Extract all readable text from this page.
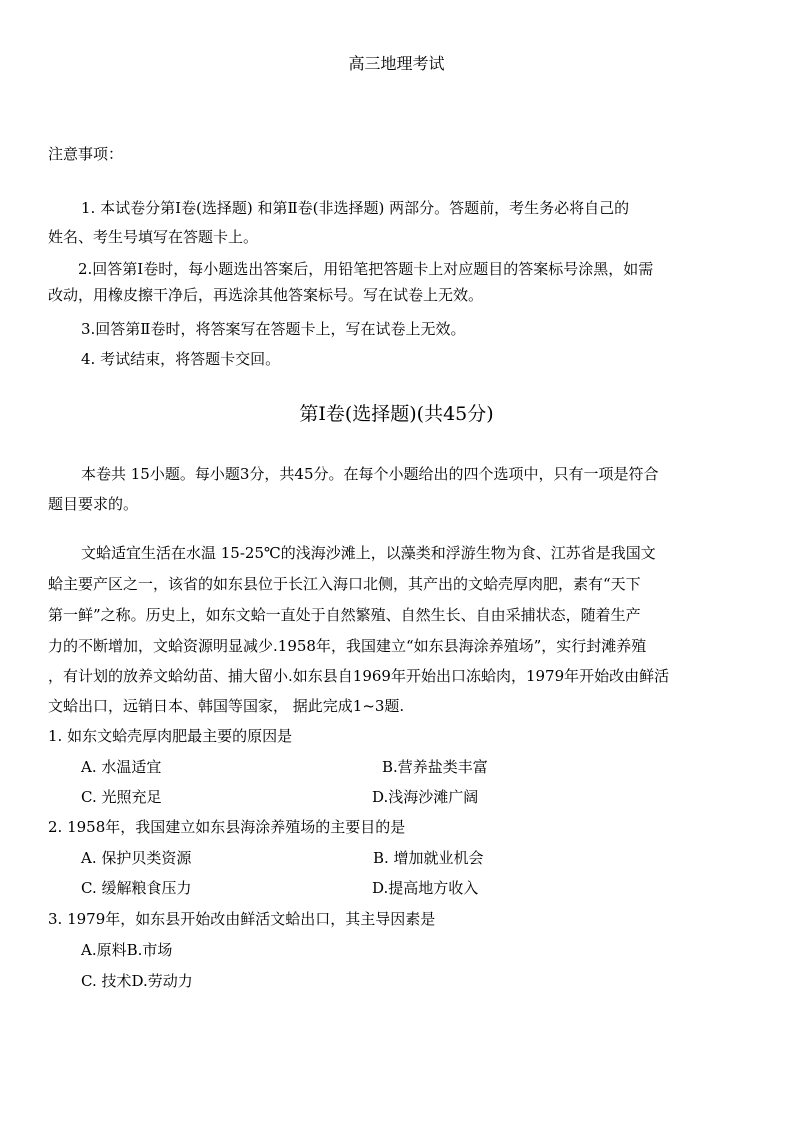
高三地理考试
注意事项：
1. 本试卷分第Ⅰ卷(选择题) 和第Ⅱ卷(非选择题) 两部分。答题前，考生务必将自己的
姓名、考生号填写在答题卡上。
2.回答第Ⅰ卷时，每小题选出答案后，用铅笔把答题卡上对应题目的答案标号涂黑，如需
改动，用橡皮擦干净后，再选涂其他答案标号。写在试卷上无效。
3.回答第Ⅱ卷时，将答案写在答题卡上，写在试卷上无效。
4. 考试结束，将答题卡交回。
第Ⅰ卷(选择题)(共45分)
本卷共 15小题。每小题3分，共45分。在每个小题给出的四个选项中，只有一项是符合
题目要求的。
文蛤适宜生活在水温 15-25℃的浅海沙滩上，以藻类和浮游生物为食、江苏省是我国文
蛤主要产区之一，该省的如东县位于长江入海口北侧，其产出的文蛤壳厚肉肥，素有“天下
第一鲜”之称。历史上，如东文蛤一直处于自然繁殖、自然生长、自由采捕状态，随着生产
力的不断增加，文蛤资源明显减少.1958年，我国建立“如东县海涂养殖场”，实行封滩养殖
，有计划的放养文蛤幼苗、捕大留小.如东县自1969年开始出口冻蛤肉，1979年开始改由鲜活
文蛤出口，远销日本、韩国等国家， 据此完成1~3题.
1. 如东文蛤壳厚肉肥最主要的原因是
A. 水温适宜	B.营养盐类丰富
C. 光照充足	D.浅海沙滩广阔
2. 1958年，我国建立如东县海涂养殖场的主要目的是
A. 保护贝类资源	B. 增加就业机会
C. 缓解粮食压力	D.提高地方收入
3. 1979年，如东县开始改由鲜活文蛤出口，其主导因素是
A.原料B.市场
C. 技术D.劳动力
